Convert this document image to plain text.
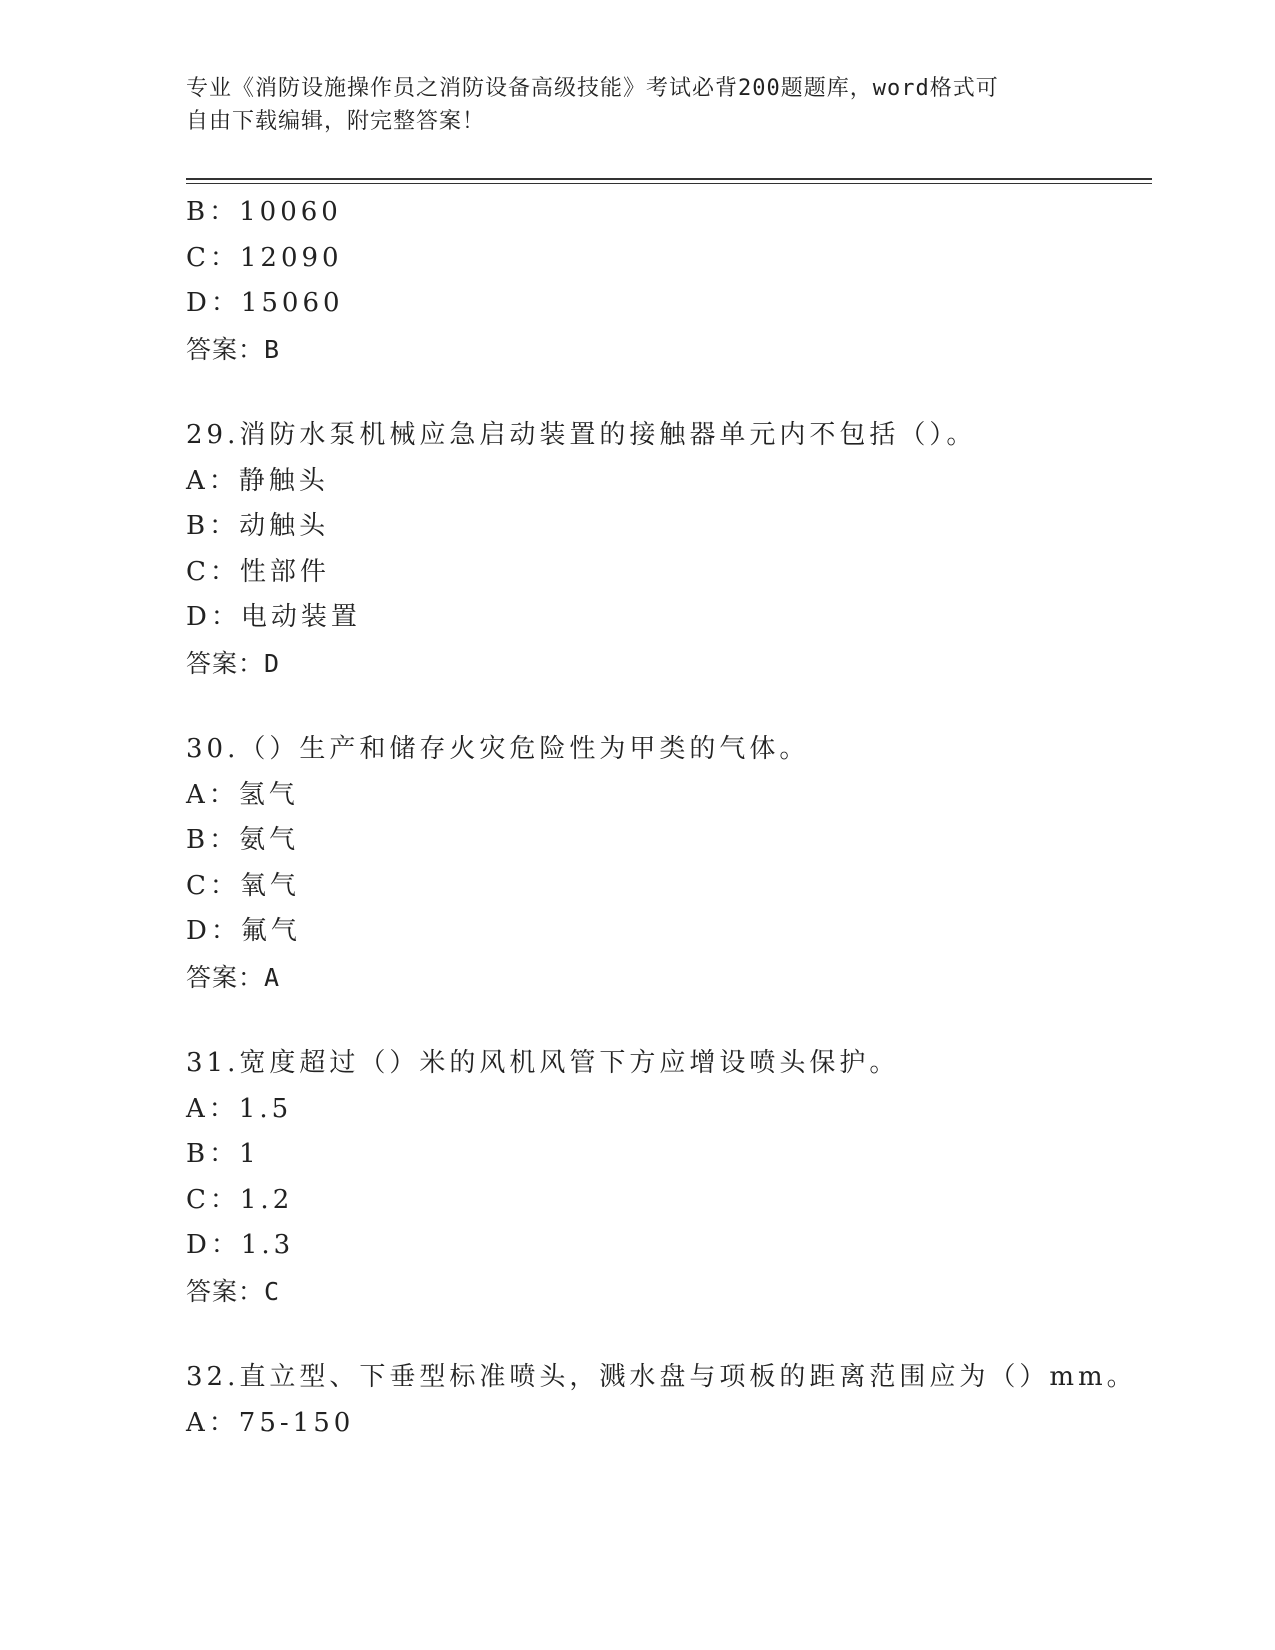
专业《消防设施操作员之消防设备高级技能》考试必背200题题库，word格式可
自由下载编辑，附完整答案！
B：10060
C：12090
D：15060
答案：B
29.消防水泵机械应急启动装置的接触器单元内不包括（）。
A：静触头
B：动触头
C：性部件
D：电动装置
答案：D
30.（）生产和储存火灾危险性为甲类的气体。
A：氢气
B：氨气
C：氧气
D：氟气
答案：A
31.宽度超过（）米的风机风管下方应增设喷头保护。
A：1.5
B：1
C：1.2
D：1.3
答案：C
32.直立型、下垂型标准喷头，溅水盘与项板的距离范围应为（）mm。
A：75-150
